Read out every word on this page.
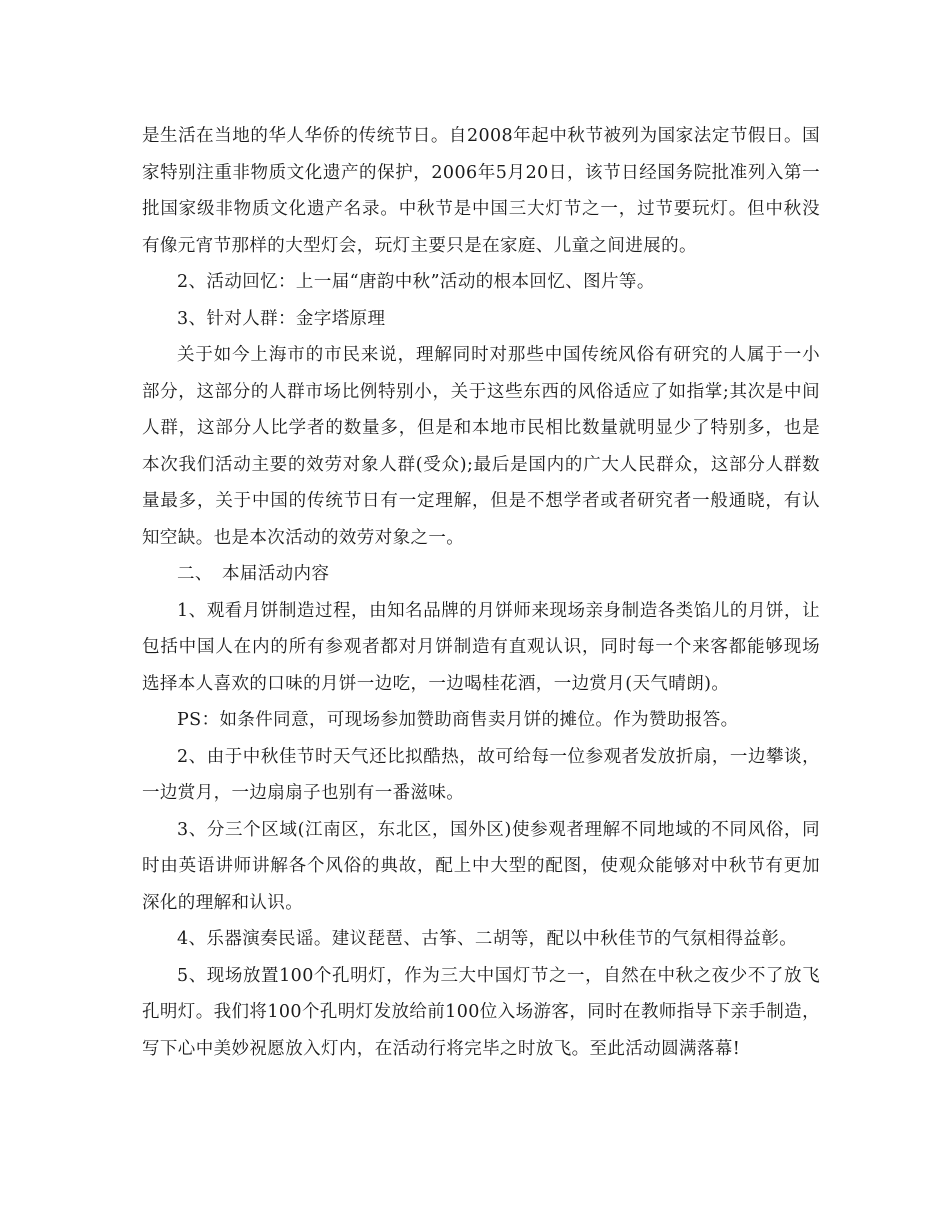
是生活在当地的华人华侨的传统节日。自2008年起中秋节被列为国家法定节假日。国家特别注重非物质文化遗产的保护，2006年5月20日，该节日经国务院批准列入第一批国家级非物质文化遗产名录。中秋节是中国三大灯节之一，过节要玩灯。但中秋没有像元宵节那样的大型灯会，玩灯主要只是在家庭、儿童之间进展的。

2、活动回忆：上一届“唐韵中秋”活动的根本回忆、图片等。

3、针对人群：金字塔原理

关于如今上海市的市民来说，理解同时对那些中国传统风俗有研究的人属于一小部分，这部分的人群市场比例特别小，关于这些东西的风俗适应了如指掌;其次是中间人群，这部分人比学者的数量多，但是和本地市民相比数量就明显少了特别多，也是本次我们活动主要的效劳对象人群(受众);最后是国内的广大人民群众，这部分人群数量最多，关于中国的传统节日有一定理解，但是不想学者或者研究者一般通晓，有认知空缺。也是本次活动的效劳对象之一。

二、　本届活动内容

1、观看月饼制造过程，由知名品牌的月饼师来现场亲身制造各类馅儿的月饼，让包括中国人在内的所有参观者都对月饼制造有直观认识，同时每一个来客都能够现场选择本人喜欢的口味的月饼一边吃，一边喝桂花酒，一边赏月(天气晴朗)。

PS：如条件同意，可现场参加赞助商售卖月饼的摊位。作为赞助报答。

2、由于中秋佳节时天气还比拟酷热，故可给每一位参观者发放折扇，一边攀谈，一边赏月，一边扇扇子也别有一番滋味。

3、分三个区域(江南区，东北区，国外区)使参观者理解不同地域的不同风俗，同时由英语讲师讲解各个风俗的典故，配上中大型的配图，使观众能够对中秋节有更加深化的理解和认识。

4、乐器演奏民谣。建议琵琶、古筝、二胡等，配以中秋佳节的气氛相得益彰。

5、现场放置100个孔明灯，作为三大中国灯节之一，自然在中秋之夜少不了放飞孔明灯。我们将100个孔明灯发放给前100位入场游客，同时在教师指导下亲手制造，写下心中美妙祝愿放入灯内，在活动行将完毕之时放飞。至此活动圆满落幕!
